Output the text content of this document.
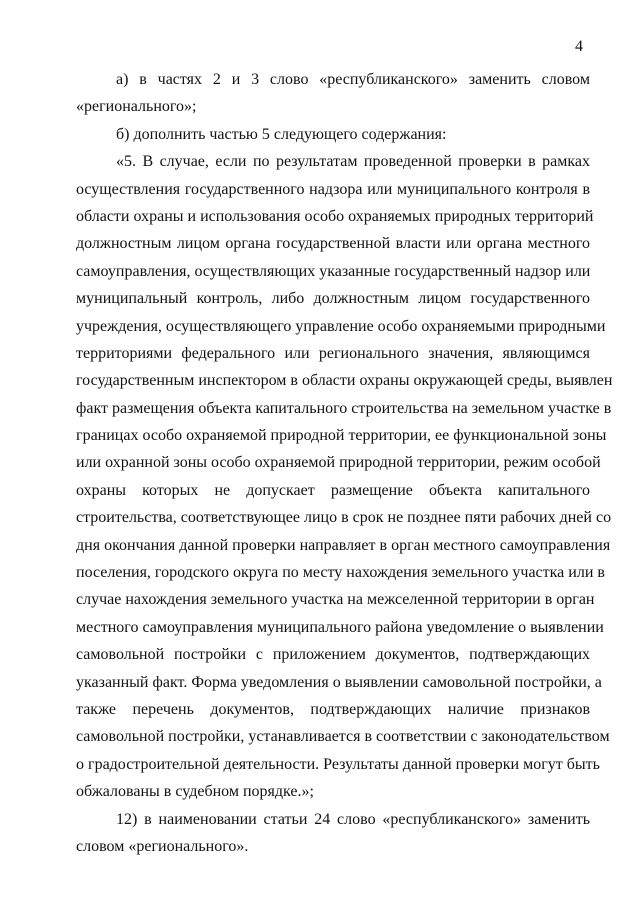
4
а) в частях 2 и 3 слово «республиканского» заменить словом
«регионального»;
б) дополнить частью 5 следующего содержания:
«5. В случае, если по результатам проведенной проверки в рамках
осуществления государственного надзора или муниципального контроля в
области охраны и использования особо охраняемых природных территорий
должностным лицом органа государственной власти или органа местного
самоуправления, осуществляющих указанные государственный надзор или
муниципальный контроль, либо должностным лицом государственного
учреждения, осуществляющего управление особо охраняемыми природными
территориями федерального или регионального значения, являющимся
государственным инспектором в области охраны окружающей среды, выявлен
факт размещения объекта капитального строительства на земельном участке в
границах особо охраняемой природной территории, ее функциональной зоны
или охранной зоны особо охраняемой природной территории, режим особой
охраны которых не допускает размещение объекта капитального
строительства, соответствующее лицо в срок не позднее пяти рабочих дней со
дня окончания данной проверки направляет в орган местного самоуправления
поселения, городского округа по месту нахождения земельного участка или в
случае нахождения земельного участка на межселенной территории в орган
местного самоуправления муниципального района уведомление о выявлении
самовольной постройки с приложением документов, подтверждающих
указанный факт. Форма уведомления о выявлении самовольной постройки, а
также перечень документов, подтверждающих наличие признаков
самовольной постройки, устанавливается в соответствии с законодательством
о градостроительной деятельности. Результаты данной проверки могут быть
обжалованы в судебном порядке.»;
12) в наименовании статьи 24 слово «республиканского» заменить
словом «регионального».
